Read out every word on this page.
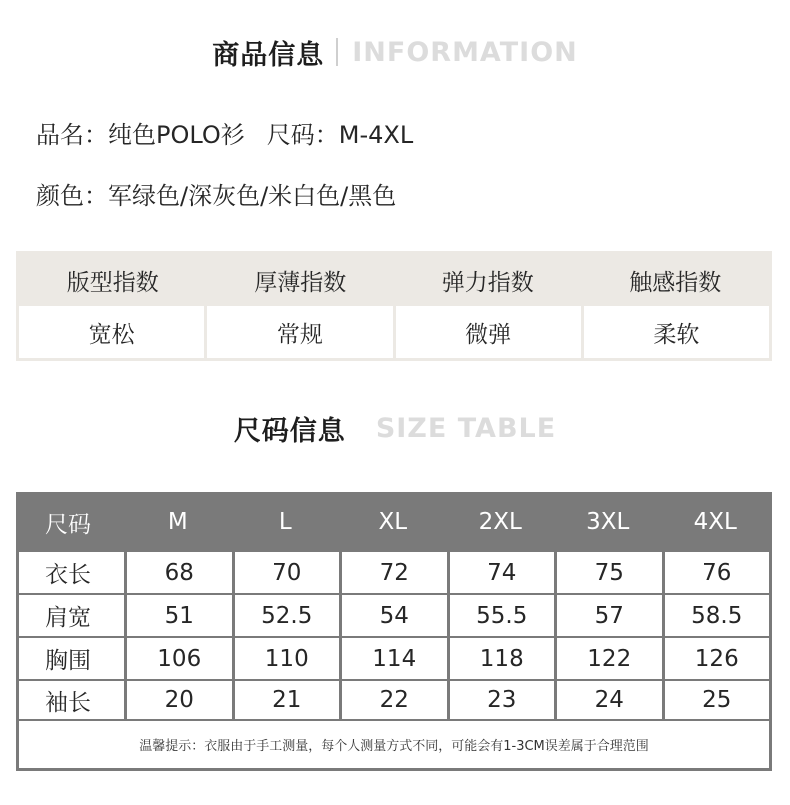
商品信息 INFORMATION
品名：纯色POLO衫 尺码：M-4XL
颜色：军绿色/深灰色/米白色/黑色
版型指数	厚薄指数	弹力指数	触感指数
宽松	常规	微弹	柔软
尺码信息 SIZE TABLE
尺码	M	L	XL	2XL	3XL	4XL
衣长	68	70	72	74	75	76
肩宽	51	52.5	54	55.5	57	58.5
胸围	106	110	114	118	122	126
袖长	20	21	22	23	24	25
温馨提示：衣服由于手工测量，每个人测量方式不同，可能会有1-3CM误差属于合理范围
